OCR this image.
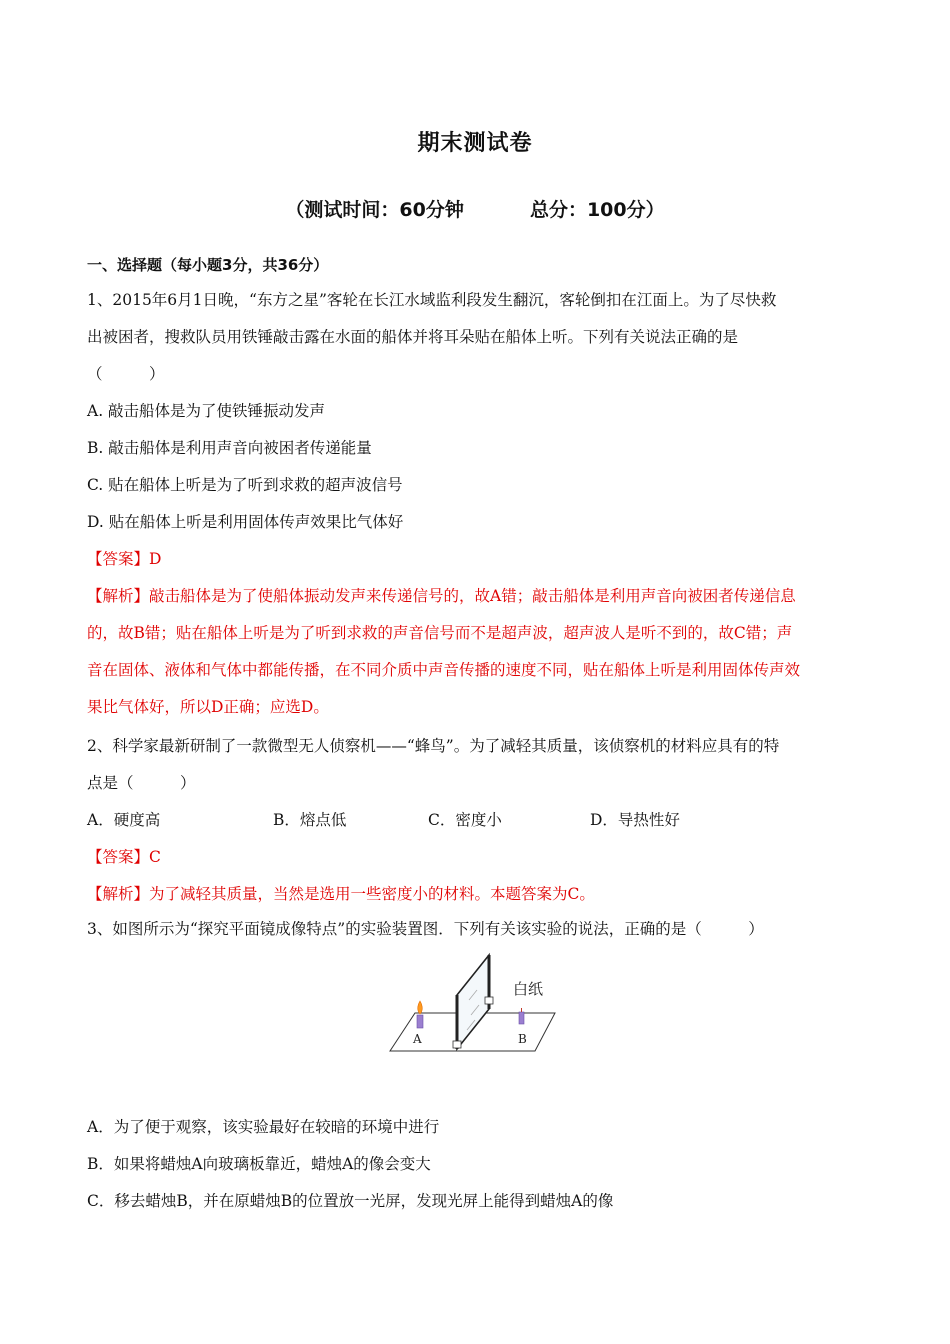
期末测试卷
（测试时间：60分钟          总分：100分）
一、选择题（每小题3分，共36分）
1、2015年6月1日晚，“东方之星”客轮在长江水域监利段发生翻沉，客轮倒扣在江面上。为了尽快救
出被困者，搜救队员用铁锤敲击露在水面的船体并将耳朵贴在船体上听。下列有关说法正确的是
（　　　）
A. 敲击船体是为了使铁锤振动发声
B. 敲击船体是利用声音向被困者传递能量
C. 贴在船体上听是为了听到求救的超声波信号
D. 贴在船体上听是利用固体传声效果比气体好
【答案】D
【解析】敲击船体是为了使船体振动发声来传递信号的，故A错；敲击船体是利用声音向被困者传递信息
的，故B错；贴在船体上听是为了听到求救的声音信号而不是超声波，超声波人是听不到的，故C错；声
音在固体、液体和气体中都能传播，在不同介质中声音传播的速度不同，贴在船体上听是利用固体传声效
果比气体好，所以D正确；应选D。
2、科学家最新研制了一款微型无人侦察机——“蜂鸟”。为了减轻其质量，该侦察机的材料应具有的特
点是（　　　）
A．硬度高	B．熔点低	C．密度小	D．导热性好
【答案】C
【解析】为了减轻其质量，当然是选用一些密度小的材料。本题答案为C。
3、如图所示为“探究平面镜成像特点”的实验装置图．下列有关该实验的说法，正确的是（　　　）
白纸
A	B
A．为了便于观察，该实验最好在较暗的环境中进行
B．如果将蜡烛A向玻璃板靠近，蜡烛A的像会变大
C．移去蜡烛B，并在原蜡烛B的位置放一光屏，发现光屏上能得到蜡烛A的像
